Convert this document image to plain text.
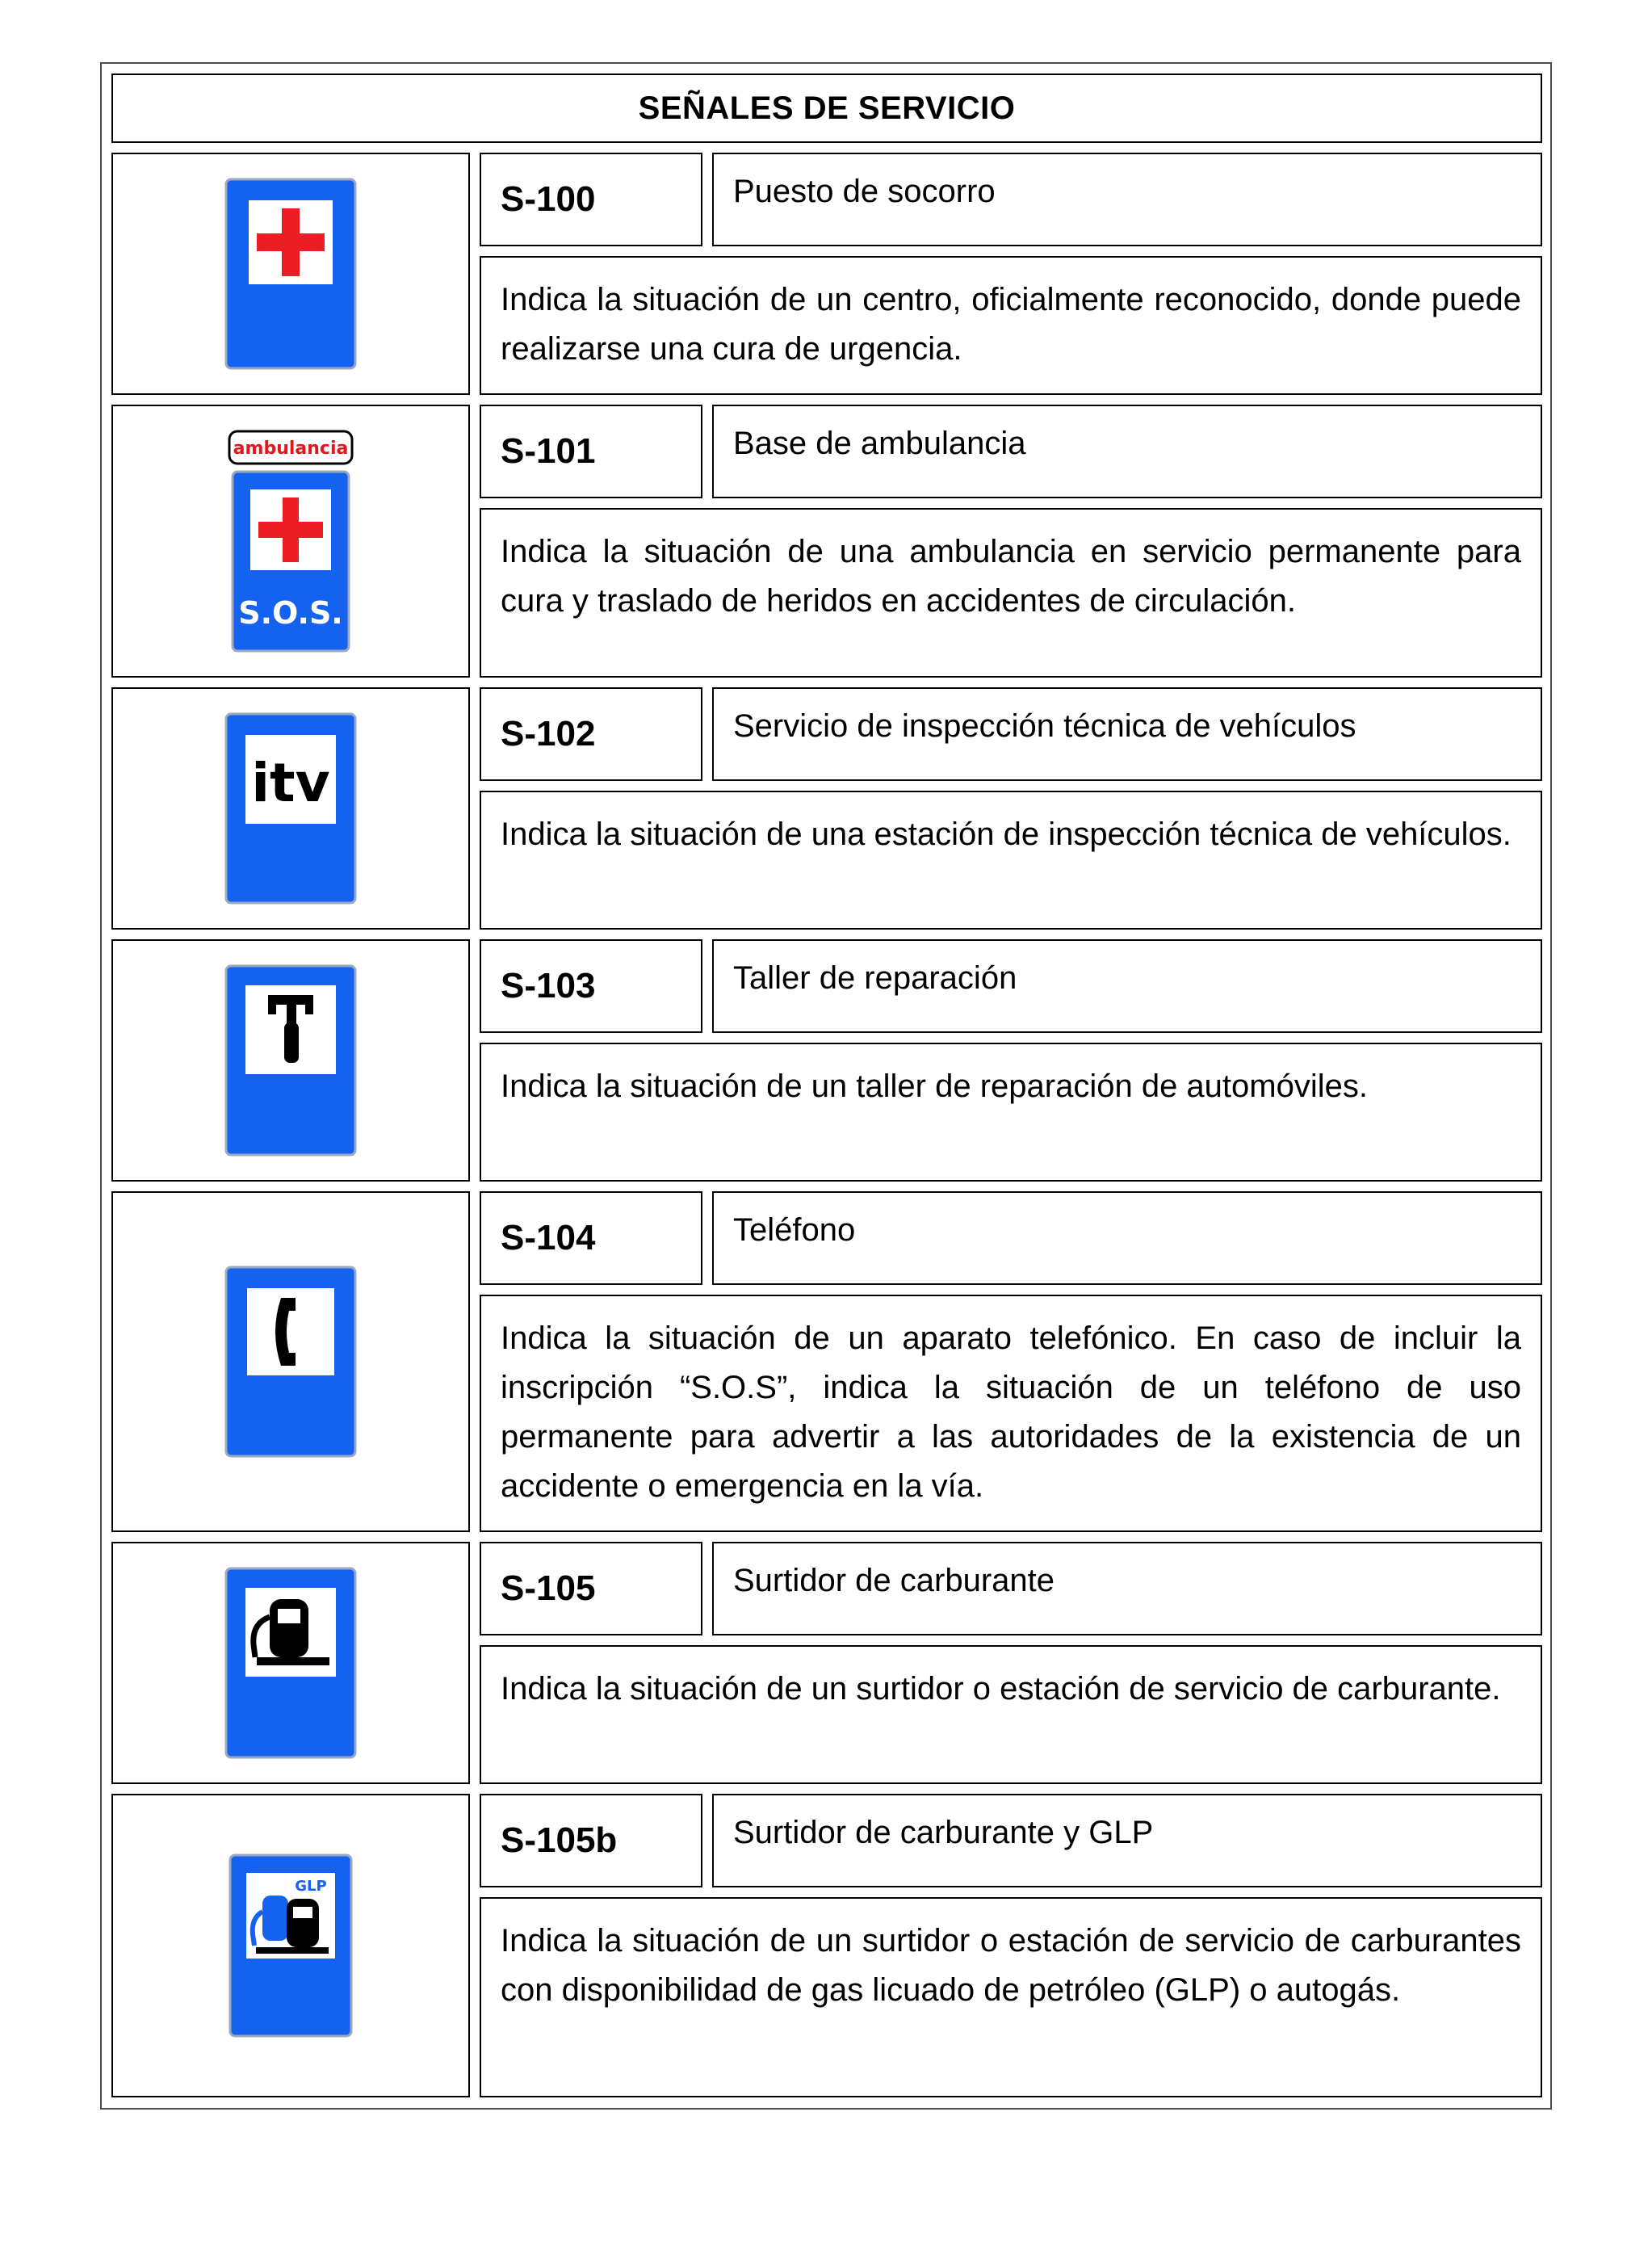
SEÑALES DE SERVICIO
S-100	Puesto de socorro

Indica la situación de un centro, oficialmente reconocido, donde puede realizarse una cura de urgencia.

ambulancia
S.O.S.
S-101	Base de ambulancia

Indica la situación de una ambulancia en servicio permanente para cura y traslado de heridos en accidentes de circulación.

itv
S-102	Servicio de inspección técnica de vehículos

Indica la situación de una estación de inspección técnica de vehículos.

S-103	Taller de reparación

Indica la situación de un taller de reparación de automóviles.

S-104	Teléfono

Indica la situación de un aparato telefónico. En caso de incluir la inscripción “S.O.S”, indica la situación de un teléfono de uso permanente para advertir a las autoridades de la existencia de un accidente o emergencia en la vía.

S-105	Surtidor de carburante

Indica la situación de un surtidor o estación de servicio de carburante.

GLP
S-105b	Surtidor de carburante y GLP

Indica la situación de un surtidor o estación de servicio de carburantes con disponibilidad de gas licuado de petróleo (GLP) o autogás.
